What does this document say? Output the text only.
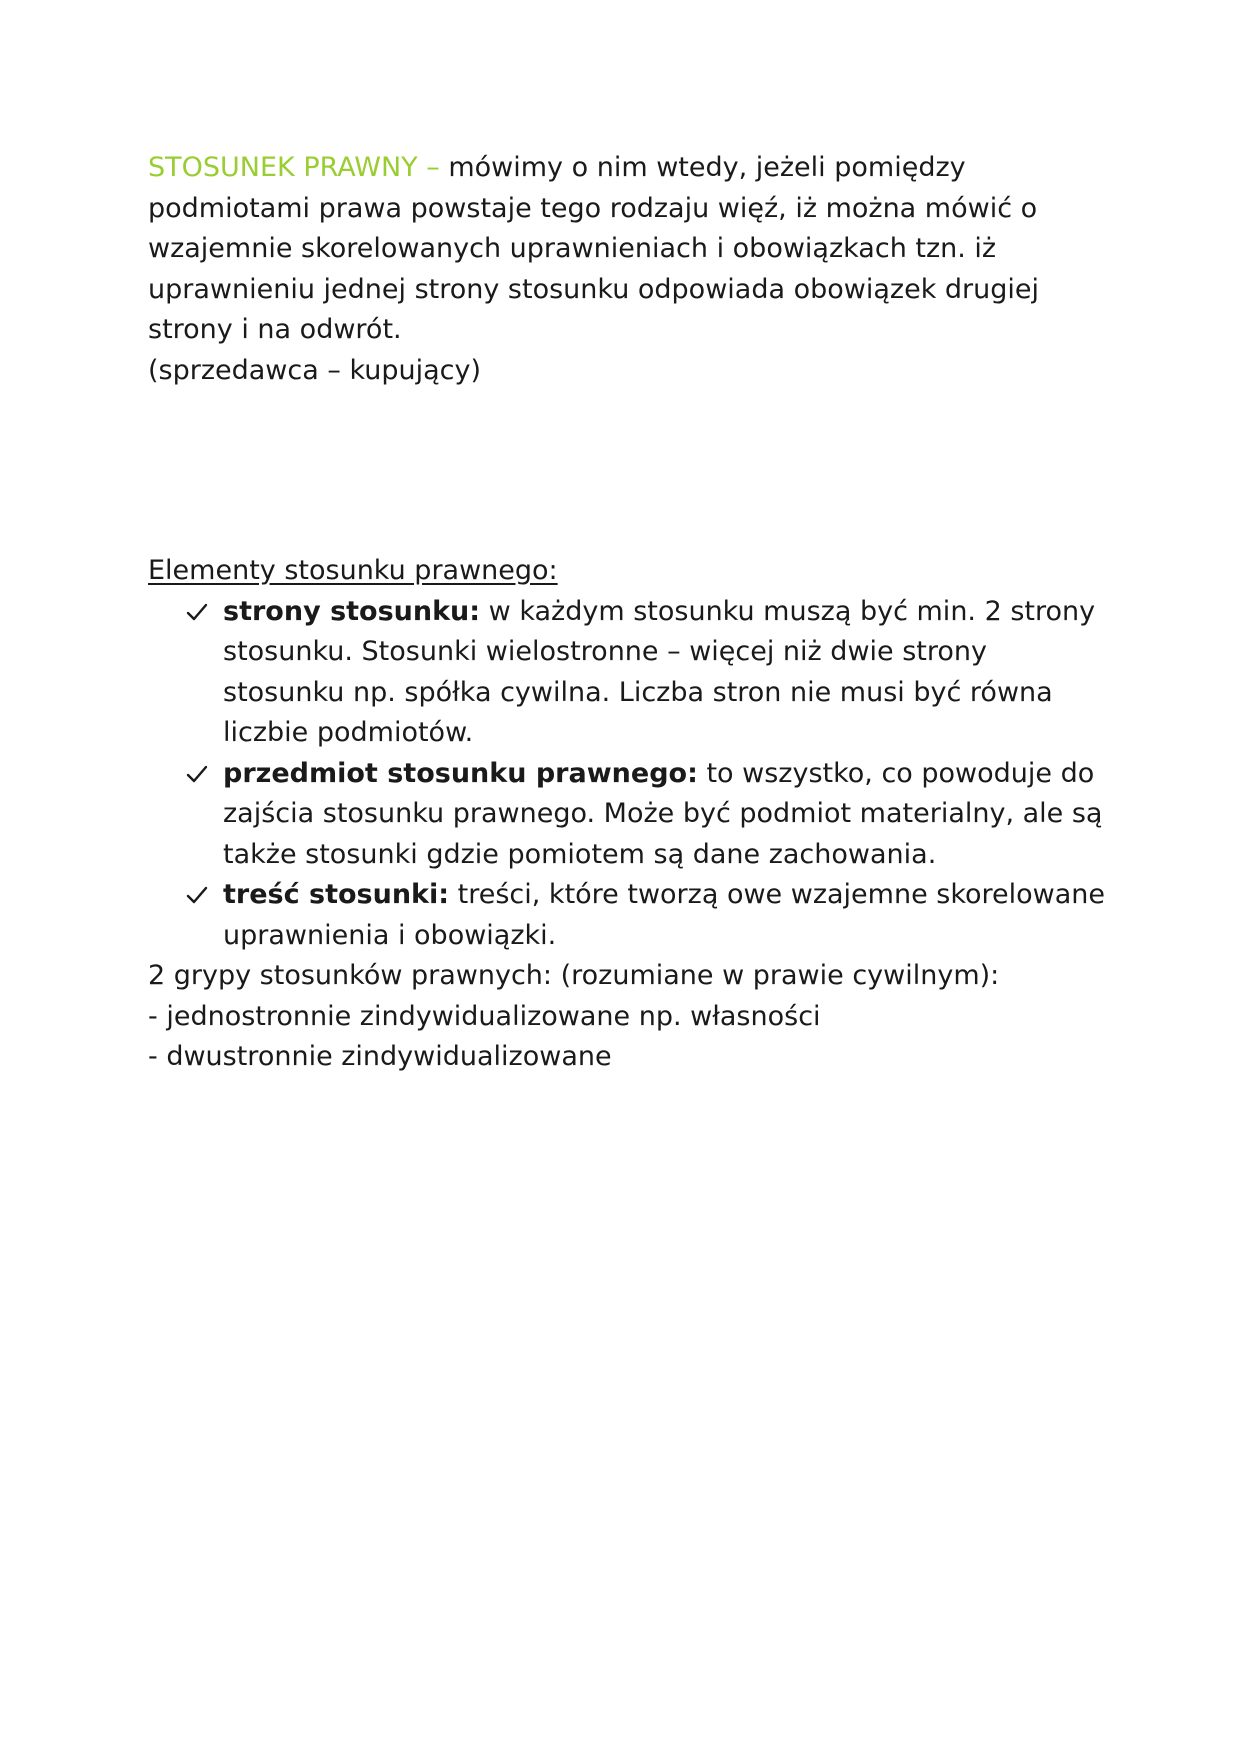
STOSUNEK PRAWNY – mówimy o nim wtedy, jeżeli pomiędzy podmiotami prawa powstaje tego rodzaju więź, iż można mówić o wzajemnie skorelowanych uprawnieniach i obowiązkach tzn. iż uprawnieniu jednej strony stosunku odpowiada obowiązek drugiej strony i na odwrót.

(sprzedawca – kupujący)
Elementy stosunku prawnego:
strony stosunku: w każdym stosunku muszą być min. 2 strony stosunku. Stosunki wielostronne – więcej niż dwie strony stosunku np. spółka cywilna. Liczba stron nie musi być równa liczbie podmiotów.
przedmiot stosunku prawnego: to wszystko, co powoduje do zajścia stosunku prawnego. Może być podmiot materialny, ale są także stosunki gdzie pomiotem są dane zachowania.
treść stosunki: treści, które tworzą owe wzajemne skorelowane uprawnienia i obowiązki.
2 grypy stosunków prawnych: (rozumiane w prawie cywilnym):
- jednostronnie zindywidualizowane np. własności
- dwustronnie zindywidualizowane
